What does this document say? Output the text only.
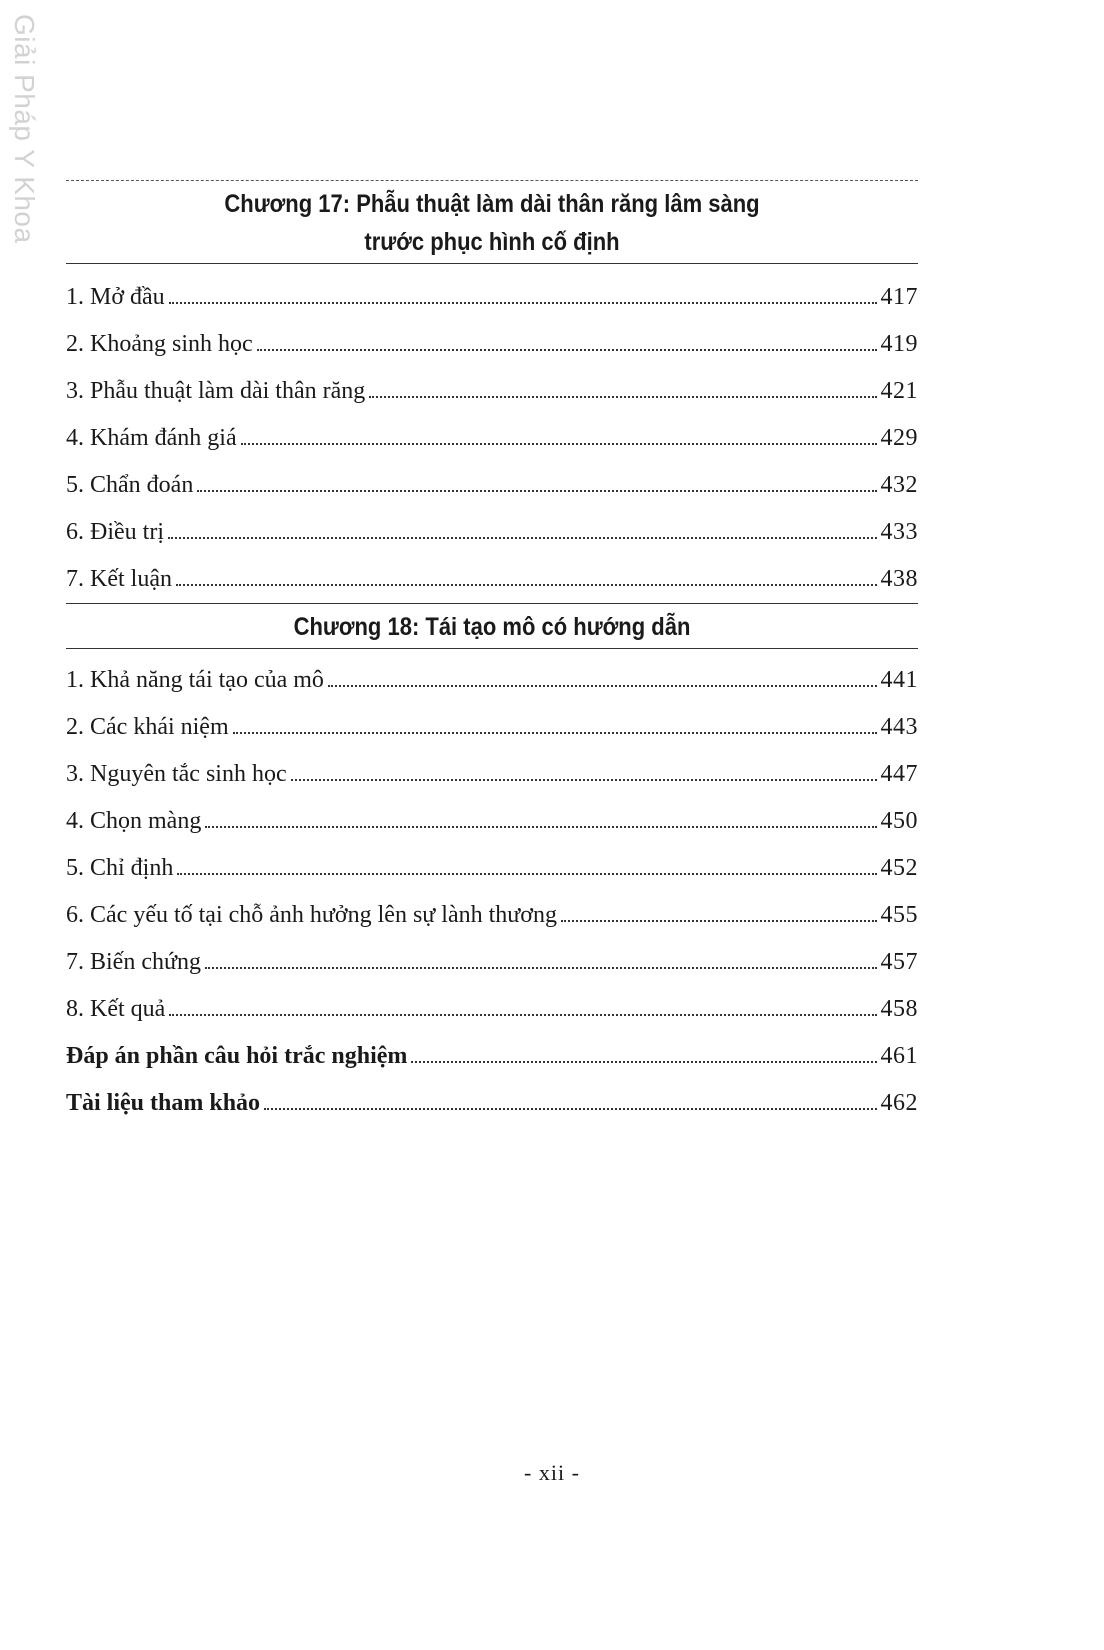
Giải Pháp Y Khoa	Chương 17: Phẫu thuật làm dài thân răng lâm sàng
trước phục hình cố định
1. Mở đầu	417
2. Khoảng sinh học	419
3. Phẫu thuật làm dài thân răng	421
4. Khám đánh giá	429
5. Chẩn đoán	432
6. Điều trị	433
7. Kết luận	438
Chương 18: Tái tạo mô có hướng dẫn
1. Khả năng tái tạo của mô	441
2. Các khái niệm	443
3. Nguyên tắc sinh học	447
4. Chọn màng	450
5. Chỉ định	452
6. Các yếu tố tại chỗ ảnh hưởng lên sự lành thương	455
7. Biến chứng	457
8. Kết quả	458
Đáp án phần câu hỏi trắc nghiệm	461
Tài liệu tham khảo	462
- xii -
